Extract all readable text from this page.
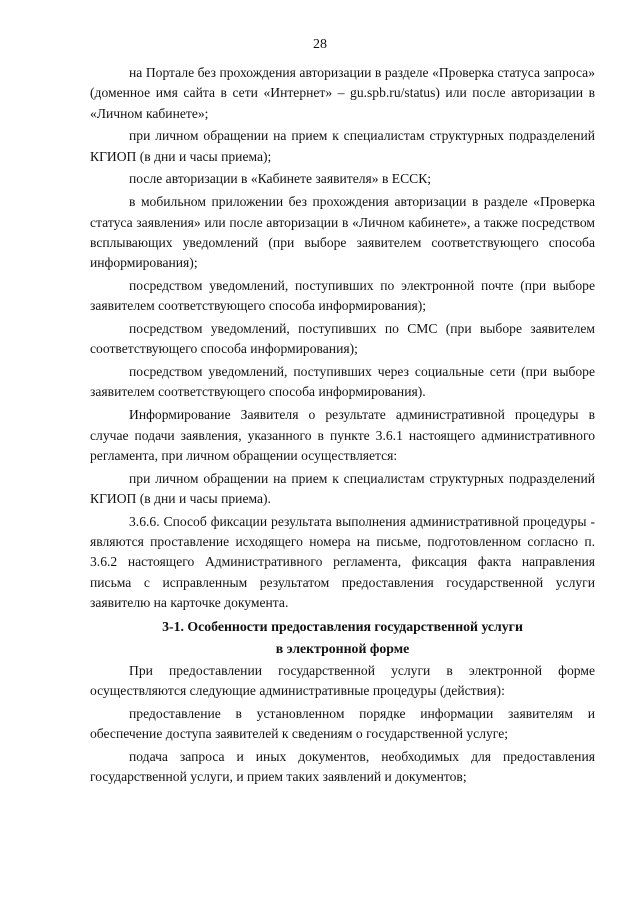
28

на Портале без прохождения авторизации в разделе «Проверка статуса запроса» (доменное имя сайта в сети «Интернет» – gu.spb.ru/status) или после авторизации в «Личном кабинете»;

при личном обращении на прием к специалистам структурных подразделений КГИОП (в дни и часы приема);

после авторизации в «Кабинете заявителя» в ЕССК;

в мобильном приложении без прохождения авторизации в разделе «Проверка статуса заявления» или после авторизации в «Личном кабинете», а также посредством всплывающих уведомлений (при выборе заявителем соответствующего способа информирования);

посредством уведомлений, поступивших по электронной почте (при выборе заявителем соответствующего способа информирования);

посредством уведомлений, поступивших по СМС (при выборе заявителем соответствующего способа информирования);

посредством уведомлений, поступивших через социальные сети (при выборе заявителем соответствующего способа информирования).

Информирование Заявителя о результате административной процедуры в случае подачи заявления, указанного в пункте 3.6.1 настоящего административного регламента, при личном обращении осуществляется:

при личном обращении на прием к специалистам структурных подразделений КГИОП (в дни и часы приема).

3.6.6. Способ фиксации результата выполнения административной процедуры - являются проставление исходящего номера на письме, подготовленном согласно п. 3.6.2 настоящего Административного регламента, фиксация факта направления письма с исправленным результатом предоставления государственной услуги заявителю на карточке документа.

3-1. Особенности предоставления государственной услуги
в электронной форме

При предоставлении государственной услуги в электронной форме осуществляются следующие административные процедуры (действия):

предоставление в установленном порядке информации заявителям и обеспечение доступа заявителей к сведениям о государственной услуге;

подача запроса и иных документов, необходимых для предоставления государственной услуги, и прием таких заявлений и документов;
